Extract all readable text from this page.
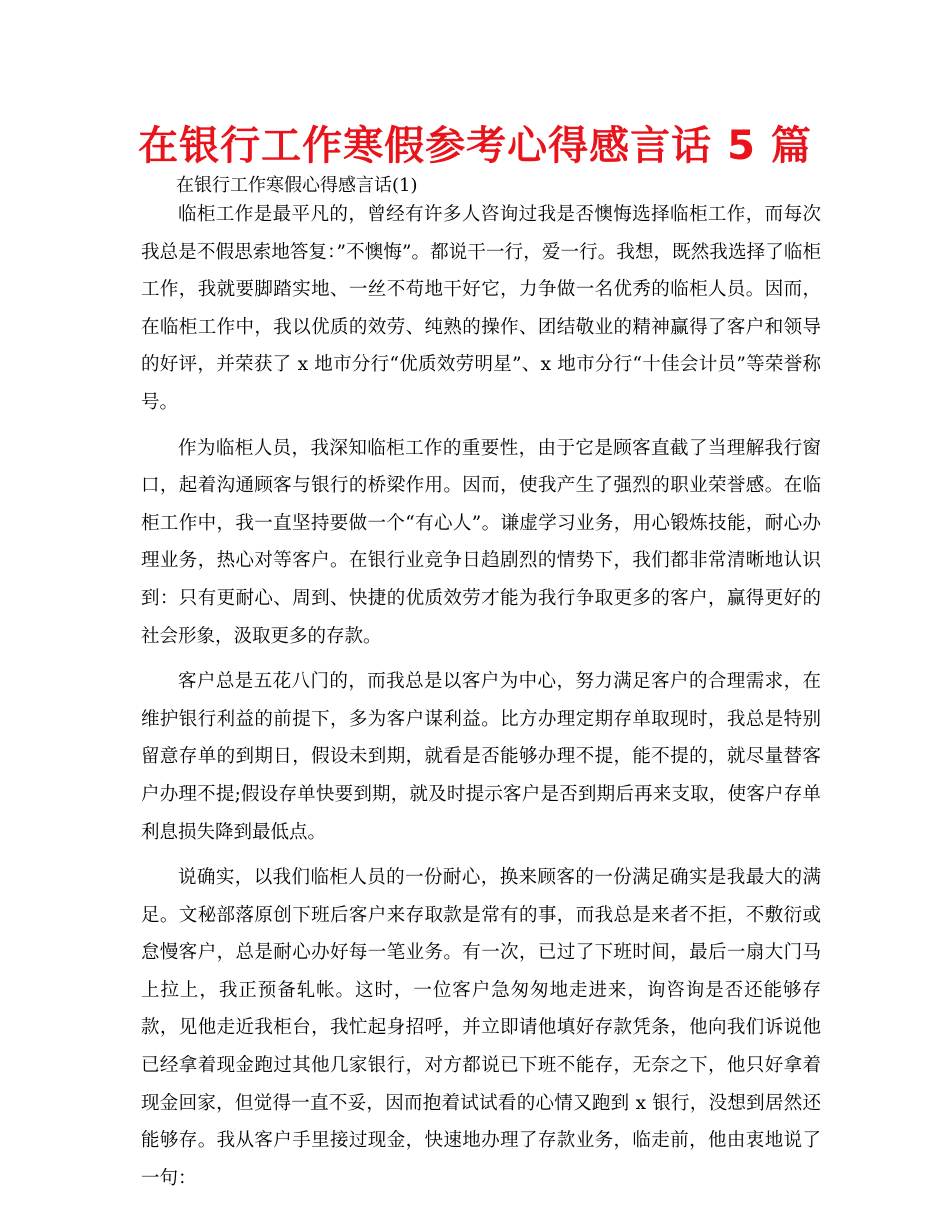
在银行工作寒假参考心得感言话 5 篇
在银行工作寒假心得感言话(1)

临柜工作是最平凡的，曾经有许多人咨询过我是否懊悔选择临柜工作，而每次我总是不假思索地答复：”不懊悔”。都说干一行，爱一行。我想，既然我选择了临柜工作，我就要脚踏实地、一丝不苟地干好它，力争做一名优秀的临柜人员。因而，在临柜工作中，我以优质的效劳、纯熟的操作、团结敬业的精神赢得了客户和领导的好评，并荣获了 x 地市分行“优质效劳明星”、x 地市分行“十佳会计员”等荣誉称号。

作为临柜人员，我深知临柜工作的重要性，由于它是顾客直截了当理解我行窗口，起着沟通顾客与银行的桥梁作用。因而，使我产生了强烈的职业荣誉感。在临柜工作中，我一直坚持要做一个“有心人”。谦虚学习业务，用心锻炼技能，耐心办理业务，热心对等客户。在银行业竞争日趋剧烈的情势下，我们都非常清晰地认识到：只有更耐心、周到、快捷的优质效劳才能为我行争取更多的客户，赢得更好的社会形象，汲取更多的存款。

客户总是五花八门的，而我总是以客户为中心，努力满足客户的合理需求，在维护银行利益的前提下，多为客户谋利益。比方办理定期存单取现时，我总是特别留意存单的到期日，假设未到期，就看是否能够办理不提，能不提的，就尽量替客户办理不提;假设存单快要到期，就及时提示客户是否到期后再来支取，使客户存单利息损失降到最低点。

说确实，以我们临柜人员的一份耐心，换来顾客的一份满足确实是我最大的满足。文秘部落原创下班后客户来存取款是常有的事，而我总是来者不拒，不敷衍或怠慢客户，总是耐心办好每一笔业务。有一次，已过了下班时间，最后一扇大门马上拉上，我正预备轧帐。这时，一位客户急匆匆地走进来，询咨询是否还能够存款，见他走近我柜台，我忙起身招呼，并立即请他填好存款凭条，他向我们诉说他已经拿着现金跑过其他几家银行，对方都说已下班不能存，无奈之下，他只好拿着现金回家，但觉得一直不妥，因而抱着试试看的心情又跑到 x 银行，没想到居然还能够存。我从客户手里接过现金，快速地办理了存款业务，临走前，他由衷地说了一句：
